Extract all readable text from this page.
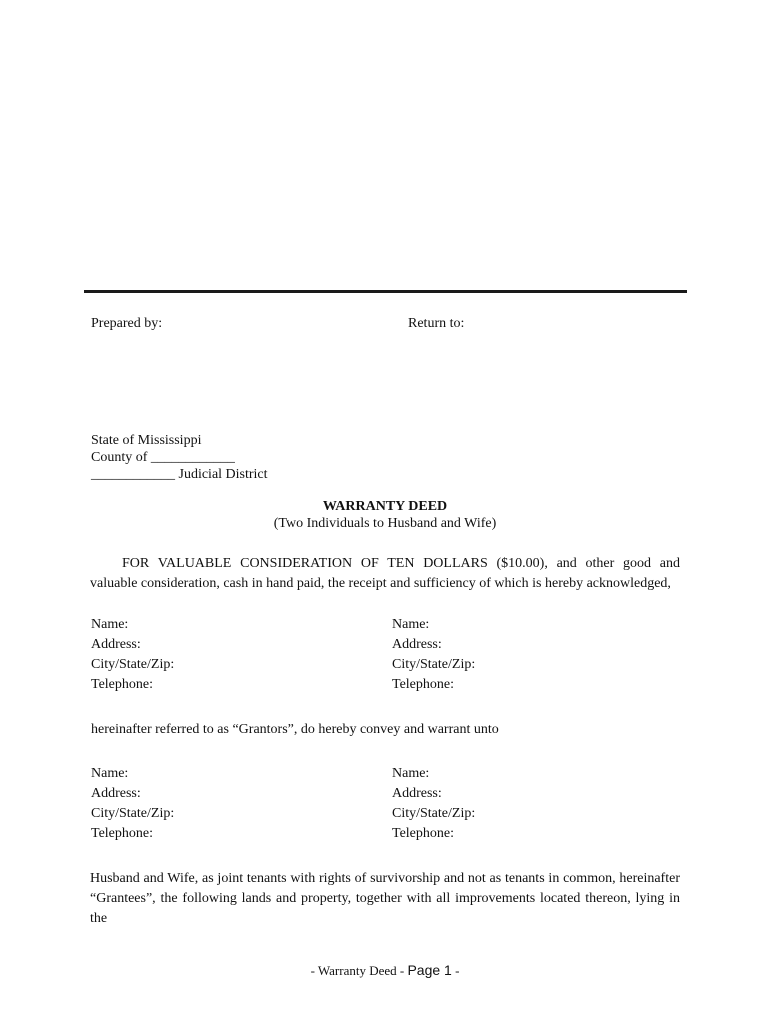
Prepared by:	Return to:
State of Mississippi
County of ____________
____________ Judicial District
WARRANTY DEED
(Two Individuals to Husband and Wife)
FOR VALUABLE CONSIDERATION OF TEN DOLLARS ($10.00), and other good and
valuable consideration, cash in hand paid, the receipt and sufficiency of which is hereby acknowledged,
Name:
Address:
City/State/Zip:
Telephone:
Name:
Address:
City/State/Zip:
Telephone:
hereinafter referred to as “Grantors”, do hereby convey and warrant unto
Name:
Address:
City/State/Zip:
Telephone:
Name:
Address:
City/State/Zip:
Telephone:
Husband and Wife, as joint tenants with rights of survivorship and not as tenants in common, hereinafter
“Grantees”, the following lands and property, together with all improvements located thereon, lying in the
- Warranty Deed - Page 1 -
